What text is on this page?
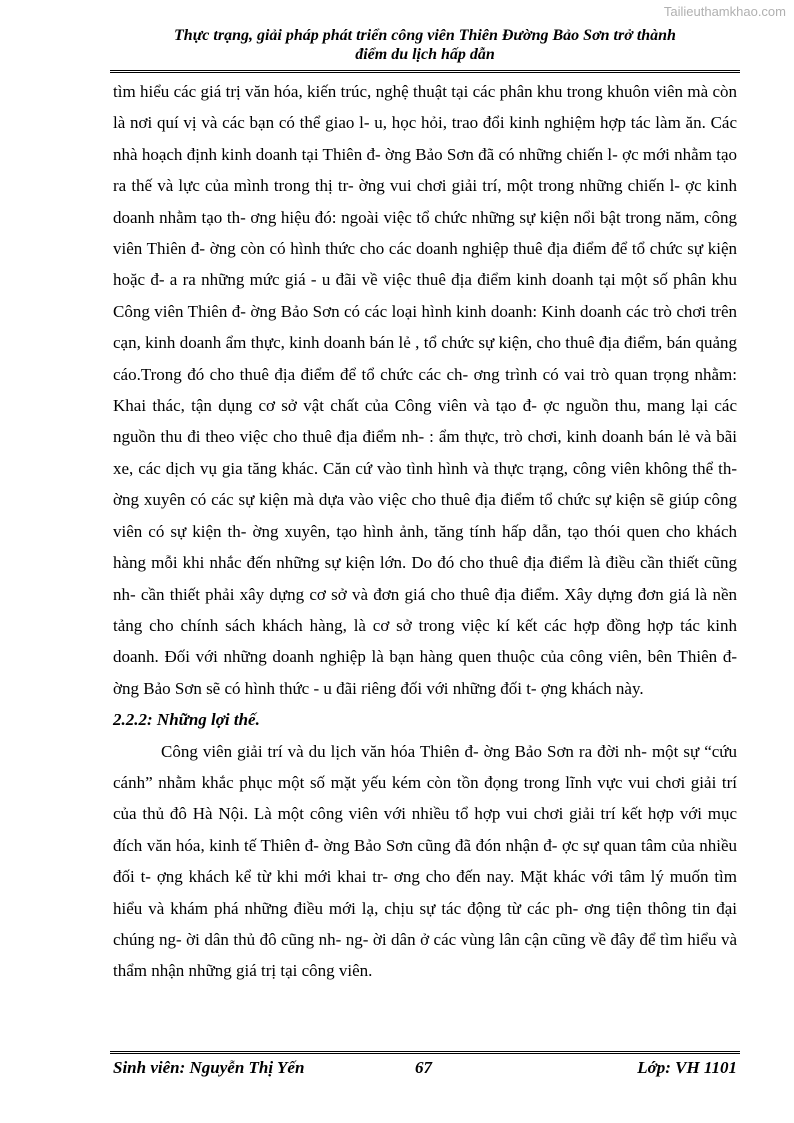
Tailieuthamkhao.com
Thực trạng, giải pháp phát triển công viên Thiên Đường Bảo Sơn trở thành
điểm du lịch hấp dẫn

tìm hiểu các giá trị văn hóa, kiến trúc, nghệ thuật tại các phân khu trong khuôn viên mà còn là nơi quí vị và các bạn có thể giao l- u, học hỏi, trao đổi kinh nghiệm hợp tác làm ăn. Các nhà hoạch định kinh doanh tại Thiên đ- ờng Bảo Sơn đã có những chiến l- ợc mới nhằm tạo ra thế và lực của mình trong thị tr- ờng vui chơi giải trí, một trong những chiến l- ợc kinh doanh nhằm tạo th- ơng hiệu đó: ngoài việc tổ chức những sự kiện nổi bật trong năm, công viên Thiên đ- ờng còn có hình thức cho các doanh nghiệp thuê địa điểm để tổ chức sự kiện hoặc đ- a ra những mức giá - u đãi về việc thuê địa điểm kinh doanh tại một số phân khu Công viên Thiên đ- ờng Bảo Sơn có các loại hình kinh doanh: Kinh doanh các trò chơi trên cạn, kinh doanh ẩm thực, kinh doanh bán lẻ , tổ chức sự kiện, cho thuê địa điểm, bán quảng cáo.Trong đó cho thuê địa điểm để tổ chức các ch- ơng trình có vai trò quan trọng nhằm: Khai thác, tận dụng cơ sở vật chất của Công viên và tạo đ- ợc nguồn thu, mang lại các nguồn thu đi theo việc cho thuê địa điểm nh- : ẩm thực, trò chơi, kinh doanh bán lẻ và bãi xe, các dịch vụ gia tăng khác. Căn cứ vào tình hình và thực trạng, công viên không thể th- ờng xuyên có các sự kiện mà dựa vào việc cho thuê địa điểm tổ chức sự kiện sẽ giúp công viên có sự kiện th- ờng xuyên, tạo hình ảnh, tăng tính hấp dẫn, tạo thói quen cho khách hàng mỗi khi nhắc đến những sự kiện lớn. Do đó cho thuê địa điểm là điều cần thiết cũng nh- cần thiết phải xây dựng cơ sở và đơn giá cho thuê địa điểm. Xây dựng đơn giá là nền tảng cho chính sách khách hàng, là cơ sở trong việc kí kết các hợp đồng hợp tác kinh doanh. Đối với những doanh nghiệp là bạn hàng quen thuộc của công viên, bên Thiên đ- ờng Bảo Sơn sẽ có hình thức - u đãi riêng đối với những đối t- ợng khách này.

2.2.2: Những lợi thế.

Công viên giải trí và du lịch văn hóa Thiên đ- ờng Bảo Sơn ra đời nh- một sự “cứu cánh” nhằm khắc phục một số mặt yếu kém còn tồn đọng trong lĩnh vực vui chơi giải trí của thủ đô Hà Nội. Là một công viên với nhiều tổ hợp vui chơi giải trí kết hợp với mục đích văn hóa, kinh tế Thiên đ- ờng Bảo Sơn cũng đã đón nhận đ- ợc sự quan tâm của nhiều đối t- ợng khách kể từ khi mới khai tr- ơng cho đến nay. Mặt khác với tâm lý muốn tìm hiểu và khám phá những điều mới lạ, chịu sự tác động từ các ph- ơng tiện thông tin đại chúng ng- ời dân thủ đô cũng nh- ng- ời dân ở các vùng lân cận cũng về đây để tìm hiểu và thẩm nhận những giá trị tại công viên.

Sinh viên: Nguyễn Thị Yến	67	Lớp: VH 1101
